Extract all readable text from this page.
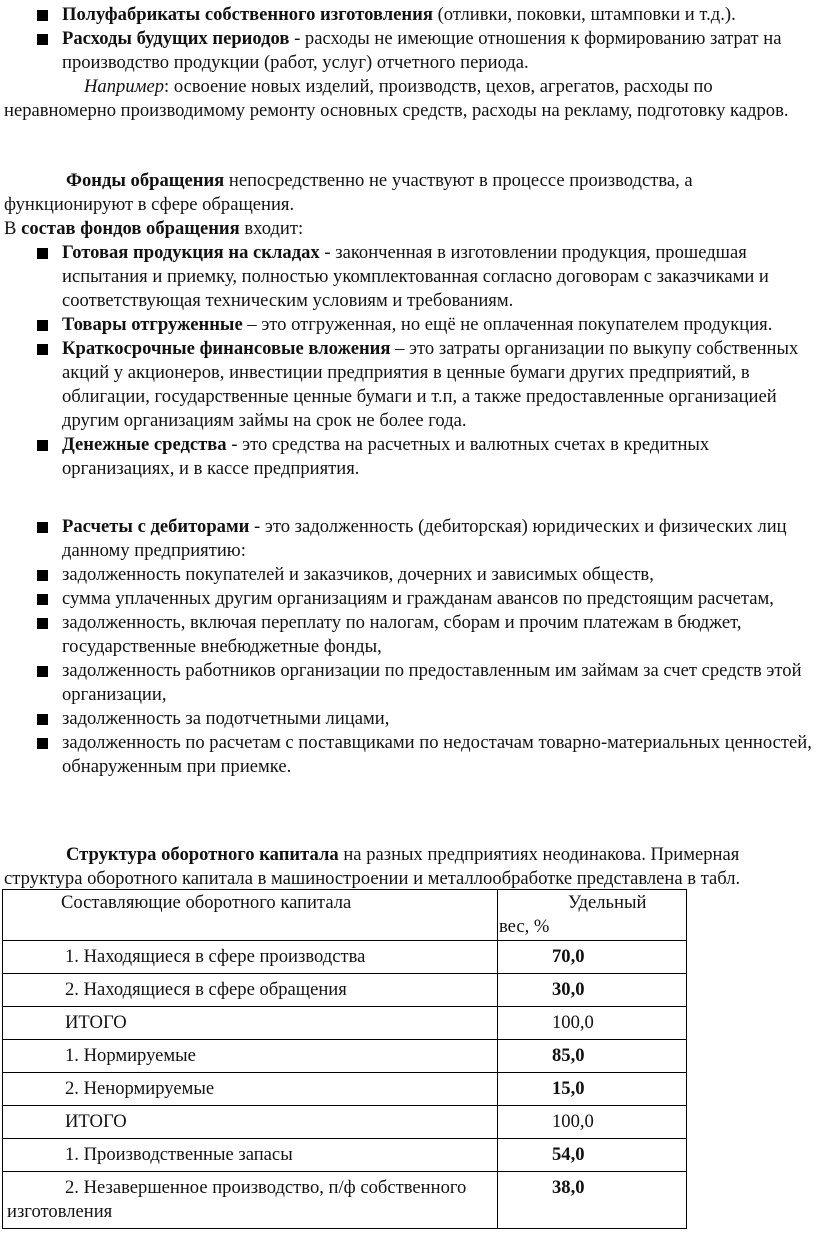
Полуфабрикаты собственного изготовления (отливки, поковки, штамповки и т.д.).

Расходы будущих периодов - расходы не имеющие отношения к формированию затрат на производство продукции (работ, услуг) отчетного периода.

Например: освоение новых изделий, производств, цехов, агрегатов, расходы по неравномерно производимому ремонту основных средств, расходы на рекламу, подготовку кадров.

Фонды обращения непосредственно не участвуют в процессе производства, а функционируют в сфере обращения.

В состав фондов обращения входит:

Готовая продукция на складах - законченная в изготовлении продукция, прошедшая испытания и приемку, полностью укомплектованная согласно договорам с заказчиками и соответствующая техническим условиям и требованиям.

Товары отгруженные – это отгруженная, но ещё не оплаченная покупателем продукция.

Краткосрочные финансовые вложения – это затраты организации по выкупу собственных акций у акционеров, инвестиции предприятия в ценные бумаги других предприятий, в облигации, государственные ценные бумаги и т.п, а также предоставленные организацией другим организациям займы на срок не более года.

Денежные средства - это средства на расчетных и валютных счетах в кредитных организациях, и в кассе предприятия.

Расчеты с дебиторами - это задолженность (дебиторская) юридических и физических лиц данному предприятию:

задолженность покупателей и заказчиков, дочерних и зависимых обществ,

сумма уплаченных другим организациям и гражданам авансов по предстоящим расчетам,

задолженность, включая переплату по налогам, сборам и прочим платежам в бюджет, государственные внебюджетные фонды,

задолженность работников организации по предоставленным им займам за счет средств этой организации,

задолженность за подотчетными лицами,

задолженность по расчетам с поставщиками по недостачам товарно-материальных ценностей, обнаруженным при приемке.

Структура оборотного капитала на разных предприятиях неодинакова. Примерная структура оборотного капитала в машиностроении и металлообработке представлена в табл.

Составляющие оборотного капитала	Удельный
вес, %

1. Находящиеся в сфере производства	70,0

2. Находящиеся в сфере обращения	30,0

ИТОГО	100,0

1. Нормируемые	85,0

2. Ненормируемые	15,0

ИТОГО	100,0

1. Производственные запасы	54,0

2. Незавершенное производство, п/ф собственного изготовления	38,0
